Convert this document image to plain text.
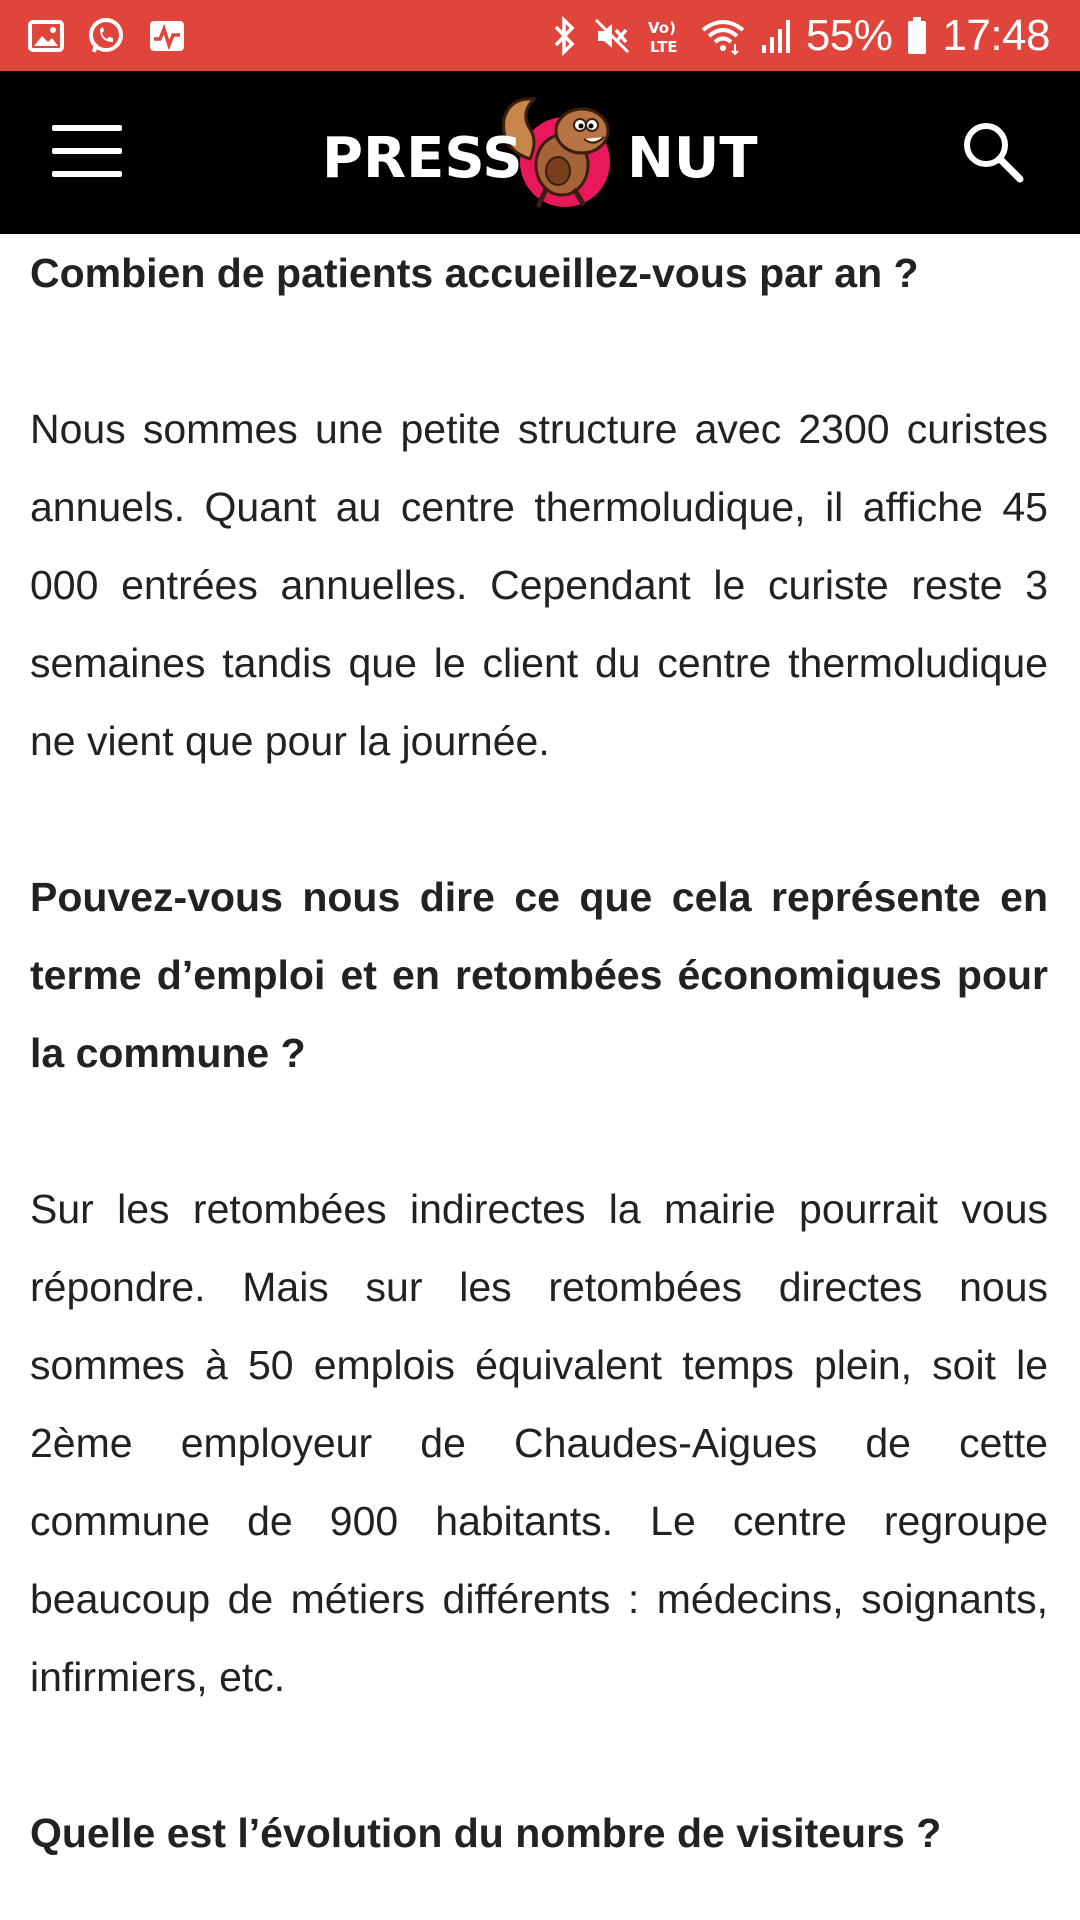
Vo)
LTE	55% 17:48
PRESS NUT

Combien de patients accueillez-vous par an ?

Nous sommes une petite structure avec 2300 curistes annuels. Quant au centre thermoludique, il affiche 45 000 entrées annuelles. Cependant le curiste reste 3 semaines tandis que le client du centre thermoludique ne vient que pour la journée.

Pouvez-vous nous dire ce que cela représente en terme d’emploi et en retombées économiques pour la commune ?

Sur les retombées indirectes la mairie pourrait vous répondre. Mais sur les retombées directes nous sommes à 50 emplois équivalent temps plein, soit le 2ème employeur de Chaudes-Aigues de cette commune de 900 habitants. Le centre regroupe beaucoup de métiers différents : médecins, soignants, infirmiers, etc.

Quelle est l’évolution du nombre de visiteurs ?
